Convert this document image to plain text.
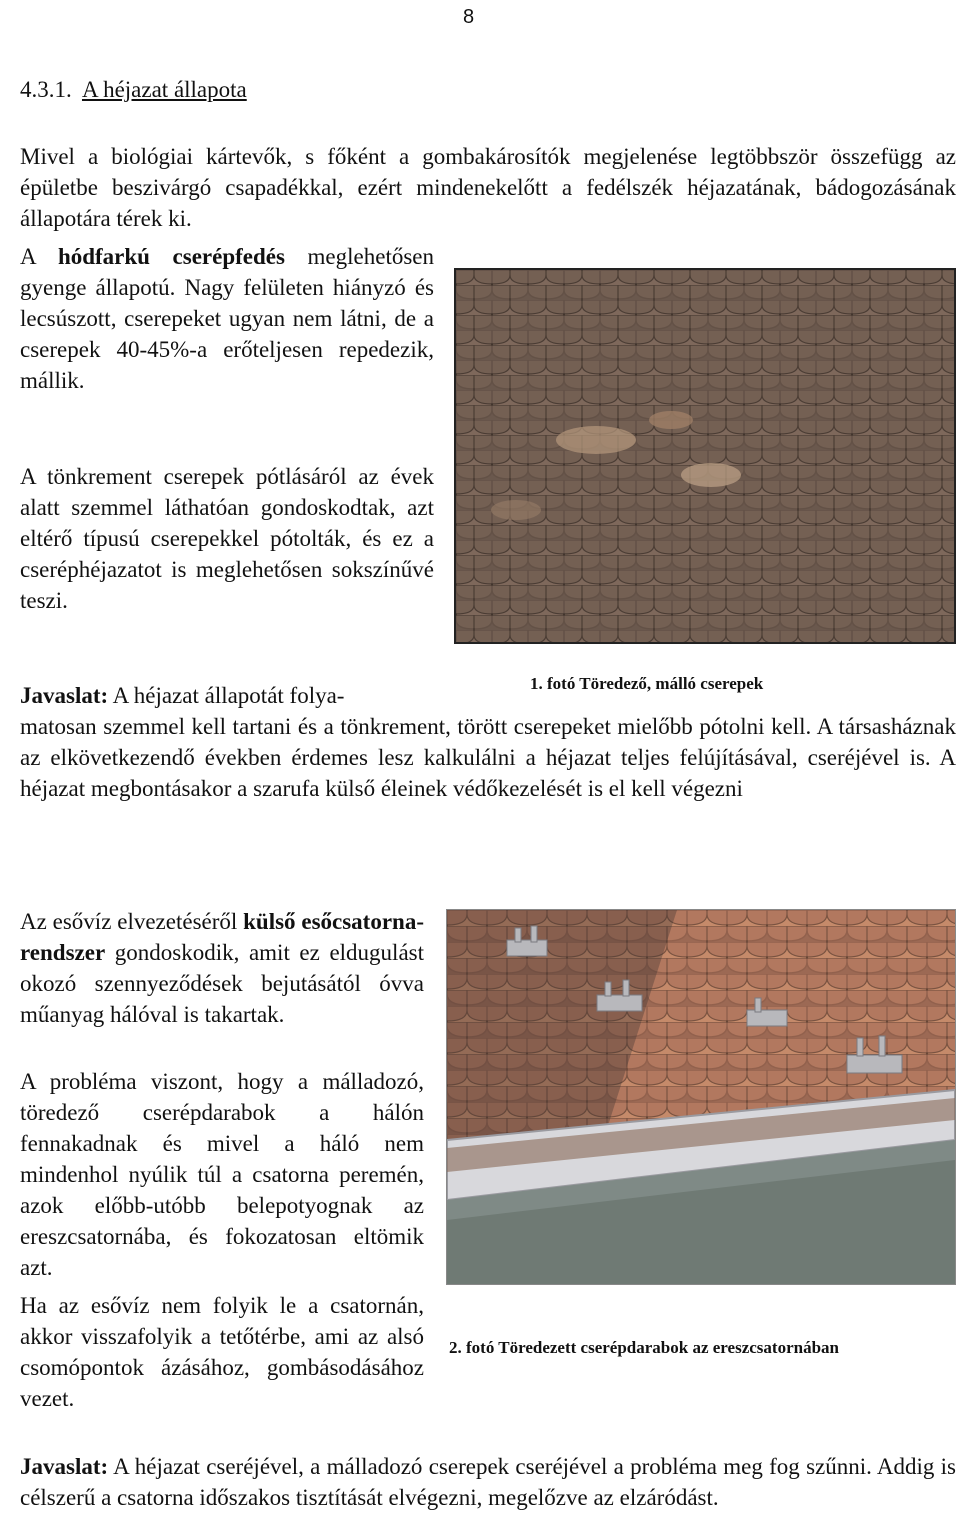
8
4.3.1. A héjazat állapota

Mivel a biológiai kártevők, s főként a gombakárosítók megjelenése legtöbbször összefügg az épületbe beszivárgó csapadékkal, ezért mindenekelőtt a fedélszék héjazatának, bádogozásának állapotára térek ki.

A hódfarkú cserépfedés meglehetősen gyenge állapotú. Nagy felületen hiányzó és lecsúszott, cserepeket ugyan nem látni, de a cserepek 40-45%-a erőteljesen repedezik, mállik.

A tönkrement cserepek pótlásáról az évek alatt szemmel láthatóan gondoskodtak, azt eltérő típusú cserepekkel pótolták, és ez a cseréphéjazatot is meglehetősen sokszínűvé teszi.

1. fotó Töredező, málló cserepek
Javaslat: A héjazat állapotát folya-

matosan szemmel kell tartani és a tönkrement, törött cserepeket mielőbb pótolni kell. A társasháznak az elkövetkezendő években érdemes lesz kalkulálni a héjazat teljes felújításával, cseréjével is. A héjazat megbontásakor a szarufa külső éleinek védőkezelését is el kell végezni

Az esővíz elvezetéséről külső esőcsatorna-rendszer gondoskodik, amit ez eldugulást okozó szennyeződések bejutásától óvva műanyag hálóval is takartak.

A probléma viszont, hogy a málladozó, töredező cserépdarabok a hálón fennakadnak és mivel a háló nem mindenhol nyúlik túl a csatorna peremén, azok előbb-utóbb belepotyognak az ereszcsatornába, és fokozatosan eltömik azt.

Ha az esővíz nem folyik le a csatornán, akkor visszafolyik a tetőtérbe, ami az alsó csomópontok ázásához, gombásodásához vezet.

2. fotó Töredezett cserépdarabok az ereszcsatornában

Javaslat: A héjazat cseréjével, a málladozó cserepek cseréjével a probléma meg fog szűnni. Addig is célszerű a csatorna időszakos tisztítását elvégezni, megelőzve az elzáródást.
